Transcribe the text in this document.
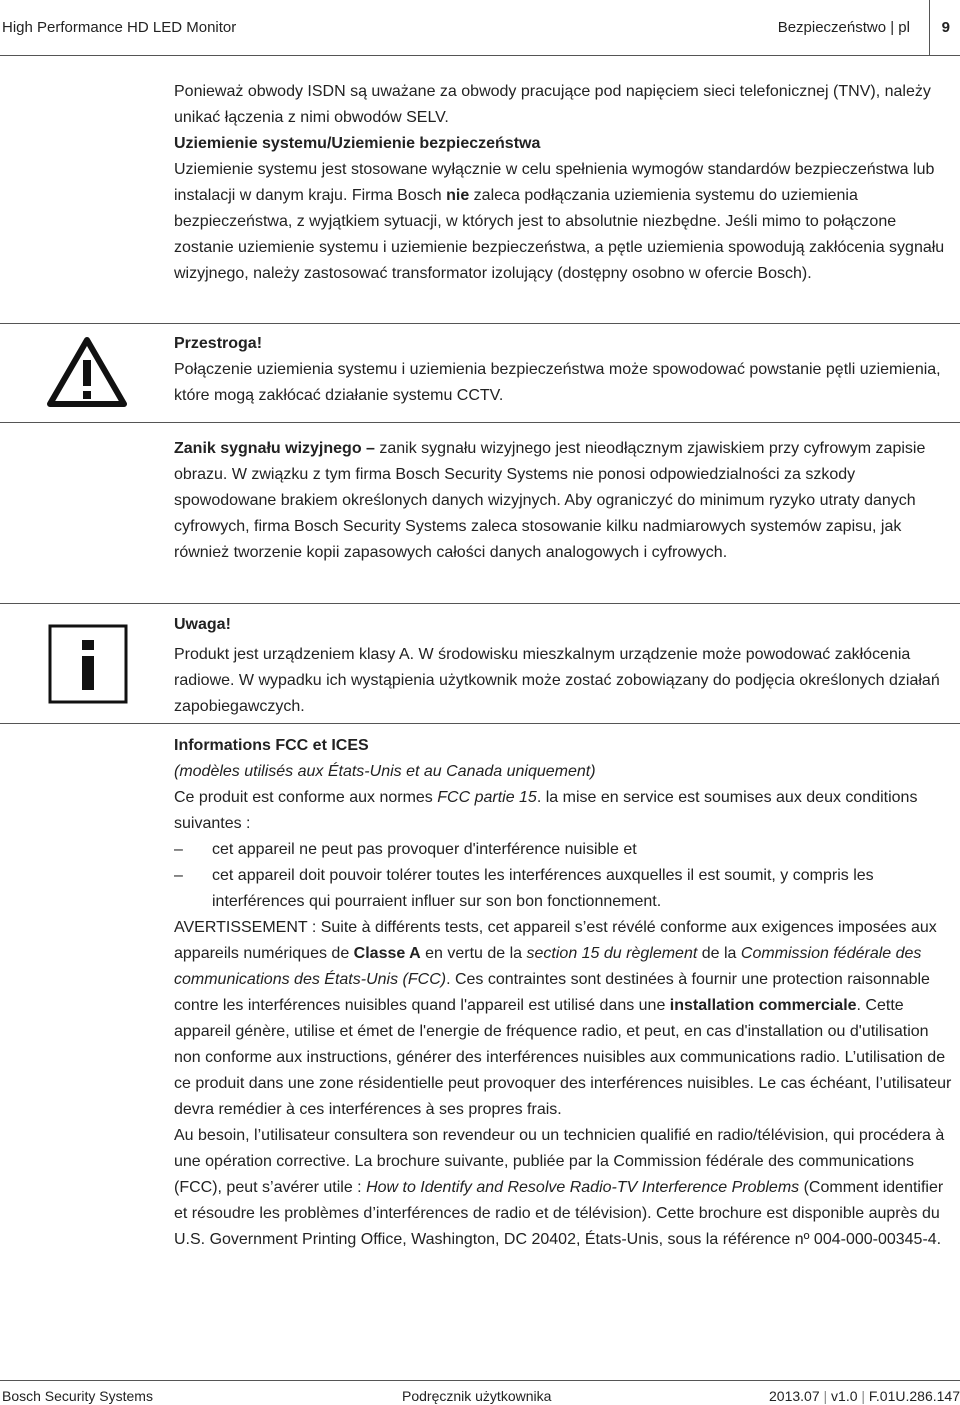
High Performance HD LED Monitor	Bezpieczeństwo | pl 9

Ponieważ obwody ISDN są uważane za obwody pracujące pod napięciem sieci telefonicznej (TNV), należy unikać łączenia z nimi obwodów SELV.

Uziemienie systemu/Uziemienie bezpieczeństwa

Uziemienie systemu jest stosowane wyłącznie w celu spełnienia wymogów standardów bezpieczeństwa lub instalacji w danym kraju. Firma Bosch nie zaleca podłączania uziemienia systemu do uziemienia bezpieczeństwa, z wyjątkiem sytuacji, w których jest to absolutnie niezbędne. Jeśli mimo to połączone zostanie uziemienie systemu i uziemienie bezpieczeństwa, a pętle uziemienia spowodują zakłócenia sygnału wizyjnego, należy zastosować transformator izolujący (dostępny osobno w ofercie Bosch).

Przestroga!

Połączenie uziemienia systemu i uziemienia bezpieczeństwa może spowodować powstanie pętli uziemienia, które mogą zakłócać działanie systemu CCTV.

Zanik sygnału wizyjnego – zanik sygnału wizyjnego jest nieodłącznym zjawiskiem przy cyfrowym zapisie obrazu. W związku z tym firma Bosch Security Systems nie ponosi odpowiedzialności za szkody spowodowane brakiem określonych danych wizyjnych. Aby ograniczyć do minimum ryzyko utraty danych cyfrowych, firma Bosch Security Systems zaleca stosowanie kilku nadmiarowych systemów zapisu, jak również tworzenie kopii zapasowych całości danych analogowych i cyfrowych.

Uwaga!

Produkt jest urządzeniem klasy A. W środowisku mieszkalnym urządzenie może powodować zakłócenia radiowe. W wypadku ich wystąpienia użytkownik może zostać zobowiązany do podjęcia określonych działań zapobiegawczych.

Informations FCC et ICES

(modèles utilisés aux États-Unis et au Canada uniquement)

Ce produit est conforme aux normes FCC partie 15. la mise en service est soumises aux deux conditions suivantes :

– cet appareil ne peut pas provoquer d'interférence nuisible et

– cet appareil doit pouvoir tolérer toutes les interférences auxquelles il est soumit, y compris les interférences qui pourraient influer sur son bon fonctionnement.

AVERTISSEMENT : Suite à différents tests, cet appareil s’est révélé conforme aux exigences imposées aux appareils numériques de Classe A en vertu de la section 15 du règlement de la Commission fédérale des communications des États-Unis (FCC). Ces contraintes sont destinées à fournir une protection raisonnable contre les interférences nuisibles quand l'appareil est utilisé dans une installation commerciale. Cette appareil génère, utilise et émet de l'energie de fréquence radio, et peut, en cas d'installation ou d'utilisation non conforme aux instructions, générer des interférences nuisibles aux communications radio. L’utilisation de ce produit dans une zone résidentielle peut provoquer des interférences nuisibles. Le cas échéant, l’utilisateur devra remédier à ces interférences à ses propres frais.

Au besoin, l’utilisateur consultera son revendeur ou un technicien qualifié en radio/télévision, qui procédera à une opération corrective. La brochure suivante, publiée par la Commission fédérale des communications (FCC), peut s’avérer utile : How to Identify and Resolve Radio-TV Interference Problems (Comment identifier et résoudre les problèmes d’interférences de radio et de télévision). Cette brochure est disponible auprès du U.S. Government Printing Office, Washington, DC 20402, États-Unis, sous la référence nº 004-000-00345-4.

Bosch Security Systems	Podręcznik użytkownika	2013.07 | v1.0 | F.01U.286.147
